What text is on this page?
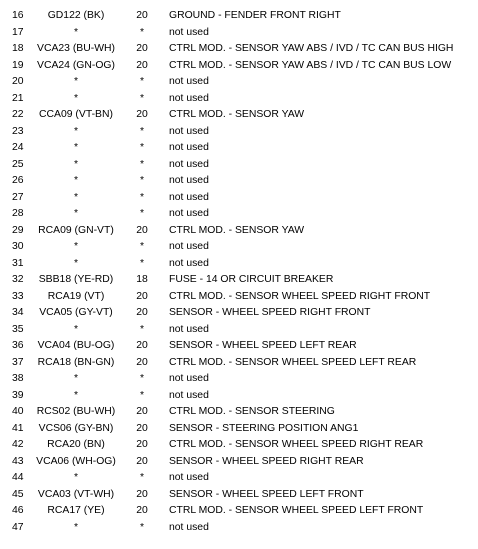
16	GD122 (BK)	20	GROUND - FENDER FRONT RIGHT
17	*	*	not used
18	VCA23 (BU-WH)	20	CTRL MOD. - SENSOR YAW ABS / IVD / TC CAN BUS HIGH
19	VCA24 (GN-OG)	20	CTRL MOD. - SENSOR YAW ABS / IVD / TC CAN BUS LOW
20	*	*	not used
21	*	*	not used
22	CCA09 (VT-BN)	20	CTRL MOD. - SENSOR YAW
23	*	*	not used
24	*	*	not used
25	*	*	not used
26	*	*	not used
27	*	*	not used
28	*	*	not used
29	RCA09 (GN-VT)	20	CTRL MOD. - SENSOR YAW
30	*	*	not used
31	*	*	not used
32	SBB18 (YE-RD)	18	FUSE - 14 OR CIRCUIT BREAKER
33	RCA19 (VT)	20	CTRL MOD. - SENSOR WHEEL SPEED RIGHT FRONT
34	VCA05 (GY-VT)	20	SENSOR - WHEEL SPEED RIGHT FRONT
35	*	*	not used
36	VCA04 (BU-OG)	20	SENSOR - WHEEL SPEED LEFT REAR
37	RCA18 (BN-GN)	20	CTRL MOD. - SENSOR WHEEL SPEED LEFT REAR
38	*	*	not used
39	*	*	not used
40	RCS02 (BU-WH)	20	CTRL MOD. - SENSOR STEERING
41	VCS06 (GY-BN)	20	SENSOR - STEERING POSITION ANG1
42	RCA20 (BN)	20	CTRL MOD. - SENSOR WHEEL SPEED RIGHT REAR
43	VCA06 (WH-OG)	20	SENSOR - WHEEL SPEED RIGHT REAR
44	*	*	not used
45	VCA03 (VT-WH)	20	SENSOR - WHEEL SPEED LEFT FRONT
46	RCA17 (YE)	20	CTRL MOD. - SENSOR WHEEL SPEED LEFT FRONT
47	*	*	not used
